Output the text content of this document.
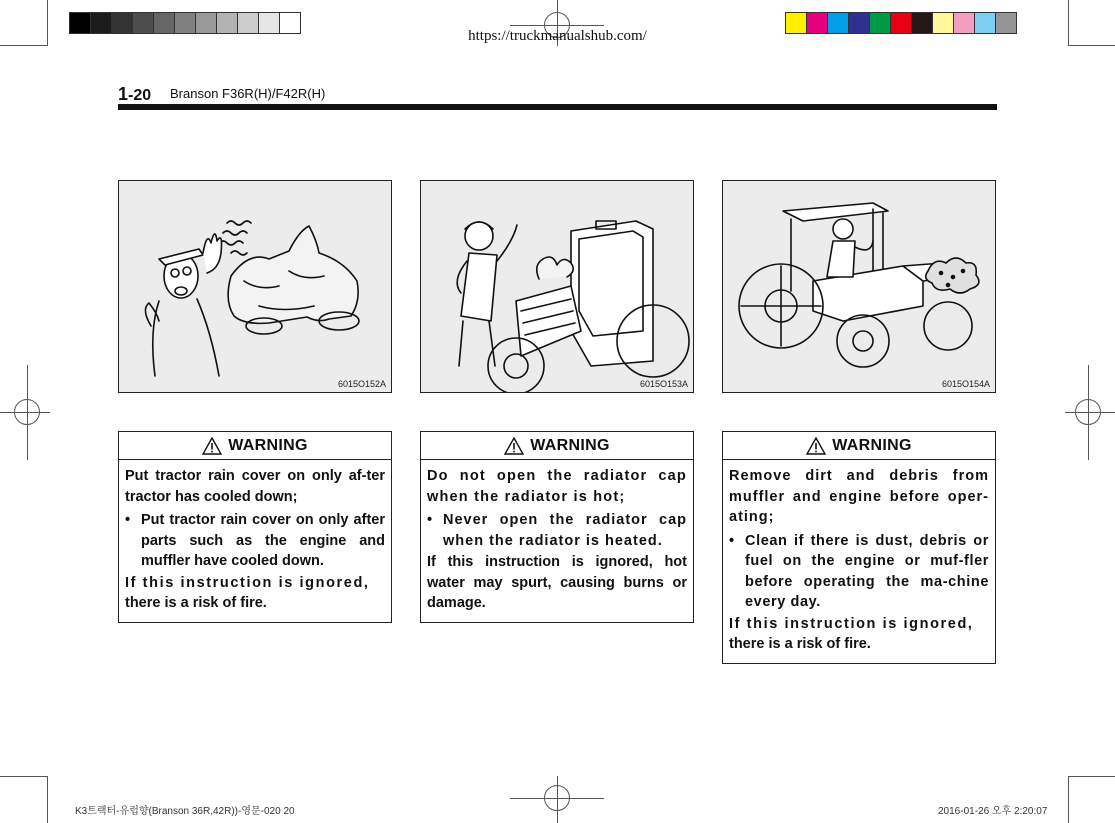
https://truckmanualshub.com/
1-20 Branson F36R(H)/F42R(H)
6015O152A	6015O153A	6015O154A
WARNING

Put tractor rain cover on only af-ter tractor has cooled down;

• Put tractor rain cover on only after parts such as the engine and muffler have cooled down.

If this instruction is ignored,
there is a risk of fire.

WARNING

Do not open the radiator cap when the radiator is hot;

• Never open the radiator cap when the radiator is heated.

If this instruction is ignored, hot water may spurt, causing burns or damage.

WARNING

Remove dirt and debris from muffler and engine before oper-ating;

• Clean if there is dust, debris or fuel on the engine or muf-fler before operating the ma-chine every day.

If this instruction is ignored,
there is a risk of fire.

K3트랙터-유럽향(Branson 36R,42R))-영문-020 20	2016-01-26 오후 2:20:07
